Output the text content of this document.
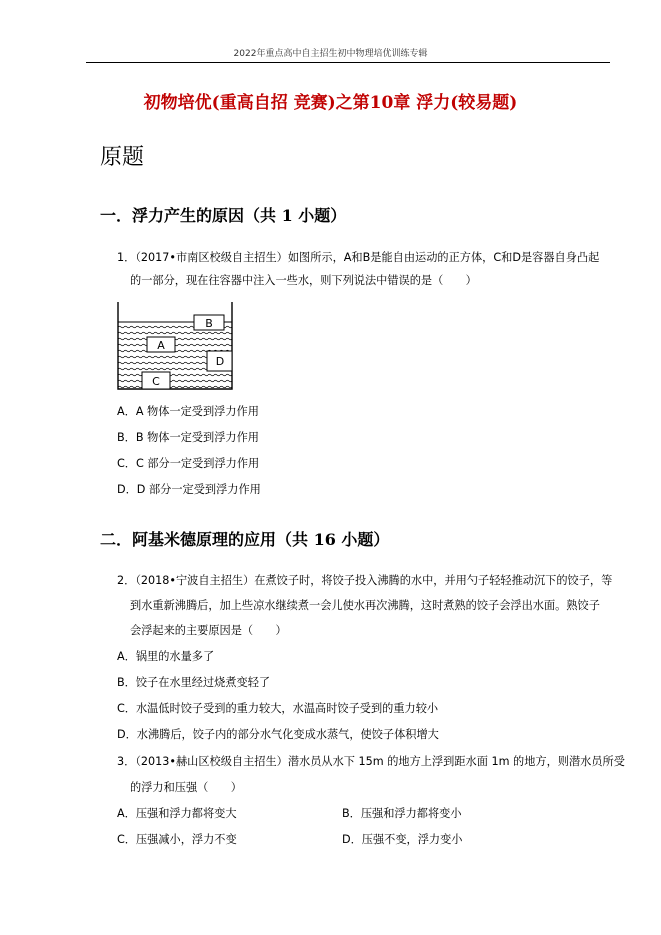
2022年重点高中自主招生初中物理培优训练专辑
初物培优(重高自招 竞赛)之第10章 浮力(较易题)
原题
一．浮力产生的原因（共 1 小题）
1．（2017•市南区校级自主招生）如图所示，A和B是能自由运动的正方体，C和D是容器自身凸起
的一部分，现在往容器中注入一些水，则下列说法中错误的是（　　）
B
A
D
C
A．A 物体一定受到浮力作用
B．B 物体一定受到浮力作用
C．C 部分一定受到浮力作用
D．D 部分一定受到浮力作用
二．阿基米德原理的应用（共 16 小题）
2．（2018•宁波自主招生）在煮饺子时，将饺子投入沸腾的水中，并用勺子轻轻推动沉下的饺子，等
到水重新沸腾后，加上些凉水继续煮一会儿使水再次沸腾，这时煮熟的饺子会浮出水面。熟饺子
会浮起来的主要原因是（　　）
A．锅里的水量多了
B．饺子在水里经过烧煮变轻了
C．水温低时饺子受到的重力较大，水温高时饺子受到的重力较小
D．水沸腾后，饺子内的部分水气化变成水蒸气，使饺子体积增大
3．（2013•赫山区校级自主招生）潜水员从水下 15m 的地方上浮到距水面 1m 的地方，则潜水员所受
的浮力和压强（　　）
A．压强和浮力都将变大	B．压强和浮力都将变小
C．压强减小，浮力不变	D．压强不变，浮力变小
